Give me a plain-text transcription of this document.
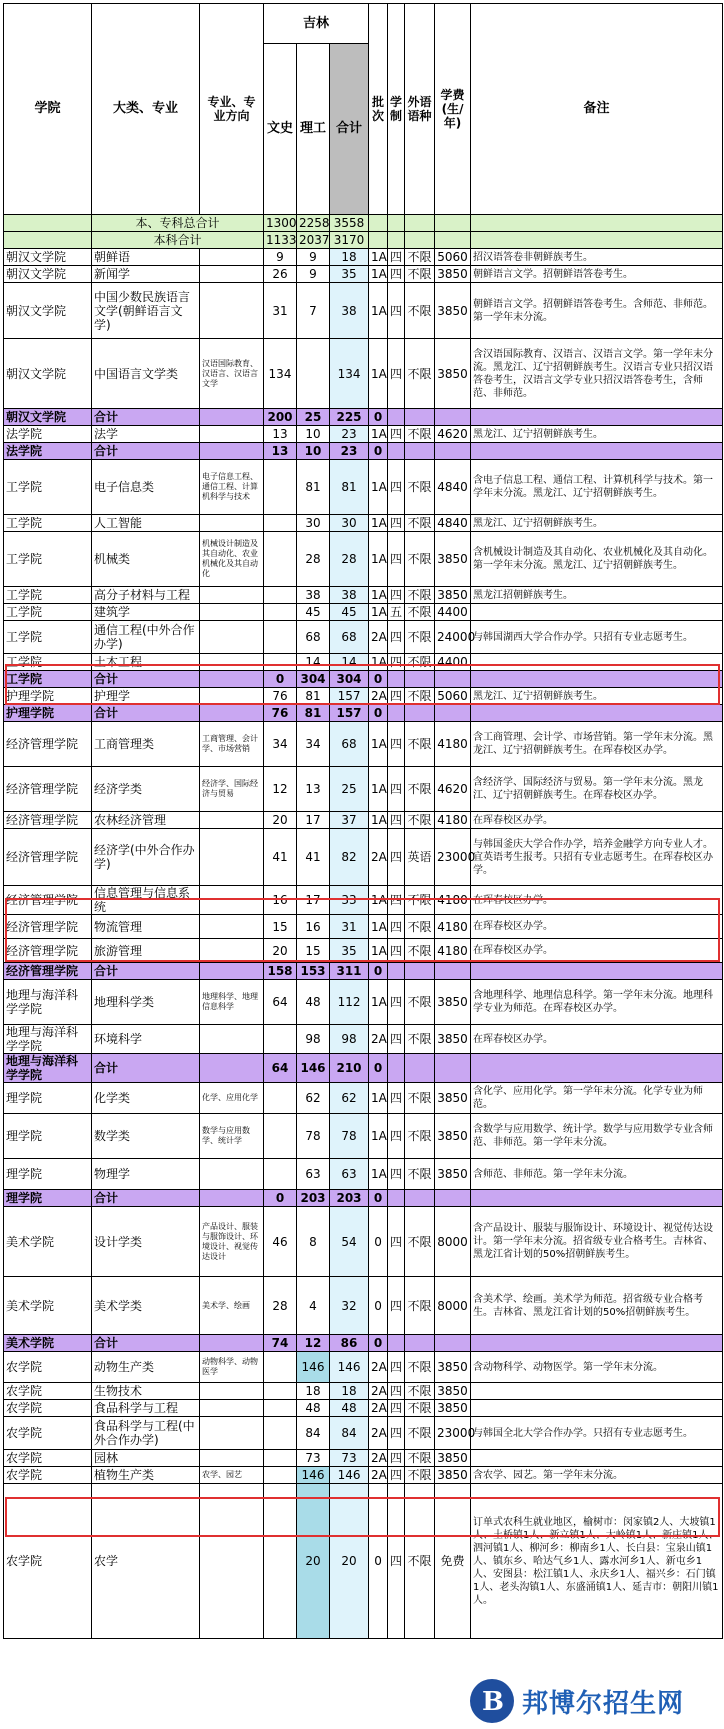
学院	大类、专业	专业、专业方向	吉林			批次	学制	外语语种	学费(生/年)	备注
			文史	理工	合计					
	本、专科总合计		1300	2258	3558					
	本科合计		1133	2037	3170					
朝汉文学院	朝鲜语		9	9	18	1A	四	不限	5060	招汉语答卷非朝鲜族考生。
朝汉文学院	新闻学		26	9	35	1A	四	不限	3850	朝鲜语言文学。招朝鲜语答卷考生。
朝汉文学院	中国少数民族语言文学(朝鲜语言文学)		31	7	38	1A	四	不限	3850	朝鲜语言文学。招朝鲜语答卷考生。含师范、非师范。第一学年末分流。
朝汉文学院	中国语言文学类	汉语国际教育、汉语言、汉语言文学	134		134	1A	四	不限	3850	含汉语国际教育、汉语言、汉语言文学。第一学年末分流。黑龙江、辽宁招朝鲜族考生。汉语言专业只招汉语答卷考生，汉语言文学专业只招汉语答卷考生，含师范、非师范。
朝汉文学院	合计		200	25	225	0				
法学院	法学		13	10	23	1A	四	不限	4620	黑龙江、辽宁招朝鲜族考生。
法学院	合计		13	10	23	0				
工学院	电子信息类	电子信息工程、通信工程、计算机科学与技术		81	81	1A	四	不限	4840	含电子信息工程、通信工程、计算机科学与技术。第一学年末分流。黑龙江、辽宁招朝鲜族考生。
工学院	人工智能			30	30	1A	四	不限	4840	黑龙江、辽宁招朝鲜族考生。
工学院	机械类	机械设计制造及其自动化、农业机械化及其自动化		28	28	1A	四	不限	3850	含机械设计制造及其自动化、农业机械化及其自动化。第一学年末分流。黑龙江、辽宁招朝鲜族考生。
工学院	高分子材料与工程			38	38	1A	四	不限	3850	黑龙江招朝鲜族考生。
工学院	建筑学			45	45	1A	五	不限	4400	
工学院	通信工程(中外合作办学)			68	68	2A	四	不限	24000	与韩国湖西大学合作办学。只招有专业志愿考生。
工学院	土木工程			14	14	1A	四	不限	4400	
工学院	合计		0	304	304	0				
护理学院	护理学		76	81	157	2A	四	不限	5060	黑龙江、辽宁招朝鲜族考生。
护理学院	合计		76	81	157	0				
经济管理学院	工商管理类	工商管理、会计学、市场营销	34	34	68	1A	四	不限	4180	含工商管理、会计学、市场营销。第一学年末分流。黑龙江、辽宁招朝鲜族考生。在珲春校区办学。
经济管理学院	经济学类	经济学、国际经济与贸易	12	13	25	1A	四	不限	4620	含经济学、国际经济与贸易。第一学年末分流。黑龙江、辽宁招朝鲜族考生。在珲春校区办学。
经济管理学院	农林经济管理		20	17	37	1A	四	不限	4180	在珲春校区办学。
经济管理学院	经济学(中外合作办学)		41	41	82	2A	四	英语	23000	与韩国釜庆大学合作办学，培养金融学方向专业人才。宜英语考生报考。只招有专业志愿考生。在珲春校区办学。
经济管理学院	信息管理与信息系统		16	17	33	1A	四	不限	4180	在珲春校区办学。
经济管理学院	物流管理		15	16	31	1A	四	不限	4180	在珲春校区办学。
经济管理学院	旅游管理		20	15	35	1A	四	不限	4180	在珲春校区办学。
经济管理学院	合计		158	153	311	0				
地理与海洋科学学院	地理科学类	地理科学、地理信息科学	64	48	112	1A	四	不限	3850	含地理科学、地理信息科学。第一学年末分流。地理科学专业为师范。在珲春校区办学。
地理与海洋科学学院	环境科学			98	98	2A	四	不限	3850	在珲春校区办学。
地理与海洋科学学院	合计		64	146	210	0				
理学院	化学类	化学、应用化学		62	62	1A	四	不限	3850	含化学、应用化学。第一学年末分流。化学专业为师范。
理学院	数学类	数学与应用数学、统计学		78	78	1A	四	不限	3850	含数学与应用数学、统计学。数学与应用数学专业含师范、非师范。第一学年末分流。
理学院	物理学			63	63	1A	四	不限	3850	含师范、非师范。第一学年末分流。
理学院	合计		0	203	203	0				
美术学院	设计学类	产品设计、服装与服饰设计、环境设计、视觉传达设计	46	8	54	0	四	不限	8000	含产品设计、服装与服饰设计、环境设计、视觉传达设计。第一学年末分流。招省级专业合格考生。吉林省、黑龙江省计划的50%招朝鲜族考生。
美术学院	美术学类	美术学、绘画	28	4	32	0	四	不限	8000	含美术学、绘画。美术学为师范。招省级专业合格考生。吉林省、黑龙江省计划的50%招朝鲜族考生。
美术学院	合计		74	12	86	0				
农学院	动物生产类	动物科学、动物医学		146	146	2A	四	不限	3850	含动物科学、动物医学。第一学年末分流。
农学院	生物技术			18	18	2A	四	不限	3850	
农学院	食品科学与工程			48	48	2A	四	不限	3850	
农学院	食品科学与工程(中外合作办学)			84	84	2A	四	不限	23000	与韩国全北大学合作办学。只招有专业志愿考生。
农学院	园林			73	73	2A	四	不限	3850	
农学院	植物生产类	农学、园艺		146	146	2A	四	不限	3850	含农学、园艺。第一学年末分流。
农学院	农学			20	20	0	四	不限	免费	订单式农科生就业地区，榆树市：闵家镇2人、大坡镇1人、土桥镇1人、新立镇1人、大岭镇1人、新庄镇1人、泗河镇1人、柳河乡：柳南乡1人、长白县：宝泉山镇1人、镇东乡、哈达气乡1人、露水河乡1人、新屯乡1人、安图县：松江镇1人、永庆乡1人、福兴乡：石门镇1人、老头沟镇1人、东盛涌镇1人、延吉市：朝阳川镇1人。
B 邦博尔招生网
